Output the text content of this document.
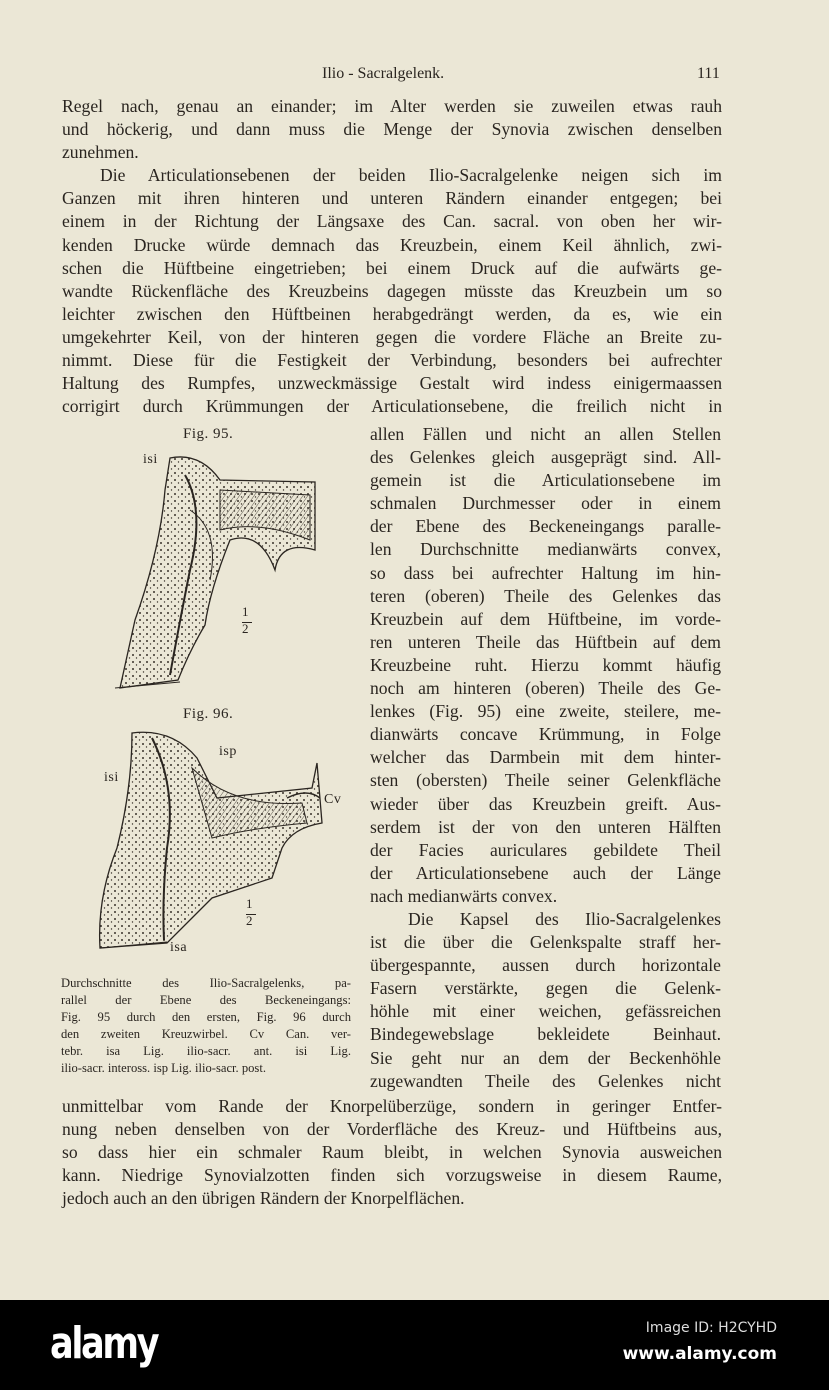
Ilio - Sacralgelenk.	111
Regel nach, genau an einander; im Alter werden sie zuweilen etwas rauh
und höckerig, und dann muss die Menge der Synovia zwischen denselben
zunehmen.
Die Articulationsebenen der beiden Ilio-Sacralgelenke neigen sich im
Ganzen mit ihren hinteren und unteren Rändern einander entgegen; bei
einem in der Richtung der Längsaxe des Can. sacral. von oben her wir-
kenden Drucke würde demnach das Kreuzbein, einem Keil ähnlich, zwi-
schen die Hüftbeine eingetrieben; bei einem Druck auf die aufwärts ge-
wandte Rückenfläche des Kreuzbeins dagegen müsste das Kreuzbein um so
leichter zwischen den Hüftbeinen herabgedrängt werden, da es, wie ein
umgekehrter Keil, von der hinteren gegen die vordere Fläche an Breite zu-
nimmt. Diese für die Festigkeit der Verbindung, besonders bei aufrechter
Haltung des Rumpfes, unzweckmässige Gestalt wird indess einigermaassen
corrigirt durch Krümmungen der Articulationsebene, die freilich nicht in
allen Fällen und nicht an allen Stellen
des Gelenkes gleich ausgeprägt sind. All-
gemein ist die Articulationsebene im
schmalen Durchmesser oder in einem
der Ebene des Beckeneingangs paralle-
len Durchschnitte medianwärts convex,
so dass bei aufrechter Haltung im hin-
teren (oberen) Theile des Gelenkes das
Kreuzbein auf dem Hüftbeine, im vorde-
ren unteren Theile das Hüftbein auf dem
Kreuzbeine ruht. Hierzu kommt häufig
noch am hinteren (oberen) Theile des Ge-
lenkes (Fig. 95) eine zweite, steilere, me-
dianwärts concave Krümmung, in Folge
welcher das Darmbein mit dem hinter-
sten (obersten) Theile seiner Gelenkfläche
wieder über das Kreuzbein greift. Aus-
serdem ist der von den unteren Hälften
der Facies auriculares gebildete Theil
der Articulationsebene auch der Länge
nach medianwärts convex.
Die Kapsel des Ilio-Sacralgelenkes
ist die über die Gelenkspalte straff her-
übergespannte, aussen durch horizontale
Fasern verstärkte, gegen die Gelenk-
höhle mit einer weichen, gefässreichen
Bindegewebslage bekleidete Beinhaut.
Sie geht nur an dem der Beckenhöhle
zugewandten Theile des Gelenkes nicht
unmittelbar vom Rande der Knorpelüberzüge, sondern in geringer Entfer-
nung neben denselben von der Vorderfläche des Kreuz- und Hüftbeins aus,
so dass hier ein schmaler Raum bleibt, in welchen Synovia ausweichen
kann. Niedrige Synovialzotten finden sich vorzugsweise in diesem Raume,
jedoch auch an den übrigen Rändern der Knorpelflächen.
Fig. 95.
isi
1
2
Fig. 96.
isp
isi
Cv
isa
1
2
Durchschnitte des Ilio-Sacralgelenks, pa-
rallel der Ebene des Beckeneingangs:
Fig. 95 durch den ersten, Fig. 96 durch
den zweiten Kreuzwirbel. Cv Can. ver-
tebr. isa Lig. ilio-sacr. ant. isi Lig.
ilio-sacr. inteross. isp Lig. ilio-sacr. post.
alamy	Image ID: H2CYHD
www.alamy.com
